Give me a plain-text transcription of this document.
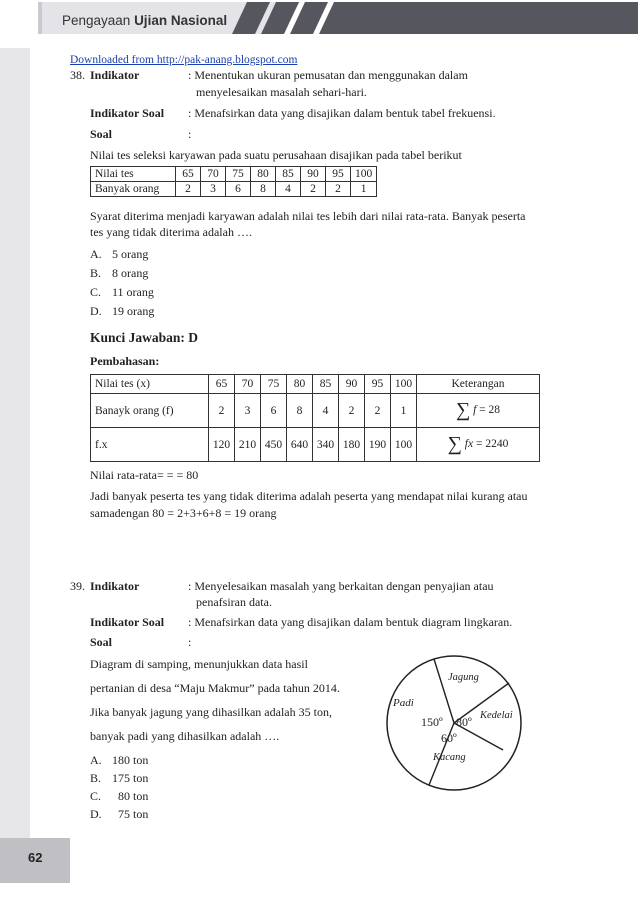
Pengayaan Ujian Nasional
62
Downloaded from http://pak-anang.blogspot.com
38. Indikator	: Menentukan ukuran pemusatan dan menggunakan dalam
menyelesaikan masalah sehari-hari.
Indikator Soal : Menafsirkan data yang disajikan dalam bentuk tabel frekuensi.
Soal	:
Nilai tes seleksi karyawan pada suatu perusahaan disajikan pada tabel berikut
Nilai tes	65	70	75	80	85	90	95	100
Banyak orang	2	3	6	8	4	2	2	1
Syarat diterima menjadi karyawan adalah nilai tes lebih dari nilai rata-rata. Banyak peserta
tes yang tidak diterima adalah ….
A. 5 orang
B. 8 orang
C. 11 orang
D. 19 orang
Kunci Jawaban: D
Pembahasan:
Nilai tes (x)	65	70	75	80	85	90	95	100	Keterangan
Banayk orang (f)	2	3	6	8	4	2	2	1	∑ f = 28
f.x	120	210	450	640	340	180	190	100	∑ fx = 2240
Nilai rata-rata= = = 80
Jadi banyak peserta tes yang tidak diterima adalah peserta yang mendapat nilai kurang atau
samadengan 80 = 2+3+6+8 = 19 orang
39. Indikator	: Menyelesaikan masalah yang berkaitan dengan penyajian atau
penafsiran data.
Indikator Soal : Menafsirkan data yang disajikan dalam bentuk diagram lingkaran.
Soal	:
Diagram di samping, menunjukkan data hasil
pertanian di desa “Maju Makmur” pada tahun 2014.
Jika banyak jagung yang dihasilkan adalah 35 ton,
banyak padi yang dihasilkan adalah ….
A. 180 ton
B. 175 ton
C. 80 ton
D. 75 ton
Jagung
Kedelai
Padi
Kacang
150º 80º
60º
